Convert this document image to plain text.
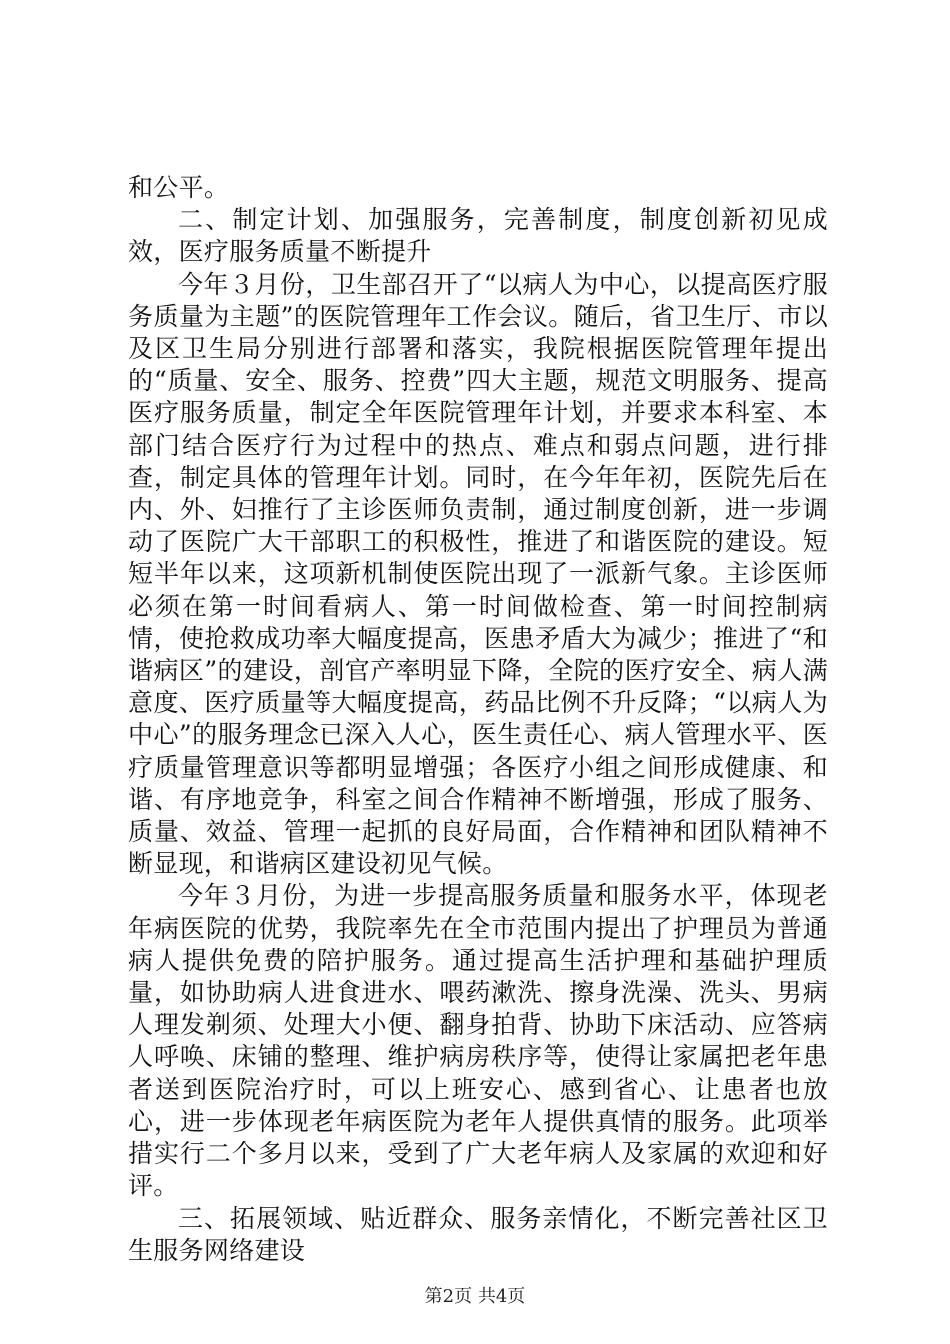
和公平。

二、制定计划、加强服务，完善制度，制度创新初见成效，医疗服务质量不断提升

今年３月份，卫生部召开了“以病人为中心，以提高医疗服务质量为主题”的医院管理年工作会议。随后，省卫生厅、市以及区卫生局分别进行部署和落实，我院根据医院管理年提出的“质量、安全、服务、控费”四大主题，规范文明服务、提高医疗服务质量，制定全年医院管理年计划，并要求本科室、本部门结合医疗行为过程中的热点、难点和弱点问题，进行排查，制定具体的管理年计划。同时，在今年年初，医院先后在内、外、妇推行了主诊医师负责制，通过制度创新，进一步调动了医院广大干部职工的积极性，推进了和谐医院的建设。短短半年以来，这项新机制使医院出现了一派新气象。主诊医师必须在第一时间看病人、第一时间做检查、第一时间控制病情，使抢救成功率大幅度提高，医患矛盾大为减少；推进了“和谐病区”的建设，剖官产率明显下降，全院的医疗安全、病人满意度、医疗质量等大幅度提高，药品比例不升反降；“以病人为中心”的服务理念已深入人心，医生责任心、病人管理水平、医疗质量管理意识等都明显增强；各医疗小组之间形成健康、和谐、有序地竞争，科室之间合作精神不断增强，形成了服务、质量、效益、管理一起抓的良好局面，合作精神和团队精神不断显现，和谐病区建设初见气候。

今年３月份，为进一步提高服务质量和服务水平，体现老年病医院的优势，我院率先在全市范围内提出了护理员为普通病人提供免费的陪护服务。通过提高生活护理和基础护理质量，如协助病人进食进水、喂药漱洗、擦身洗澡、洗头、男病人理发剃须、处理大小便、翻身拍背、协助下床活动、应答病人呼唤、床铺的整理、维护病房秩序等，使得让家属把老年患者送到医院治疗时，可以上班安心、感到省心、让患者也放心，进一步体现老年病医院为老年人提供真情的服务。此项举措实行二个多月以来，受到了广大老年病人及家属的欢迎和好评。

三、拓展领域、贴近群众、服务亲情化，不断完善社区卫生服务网络建设

第2页 共4页
